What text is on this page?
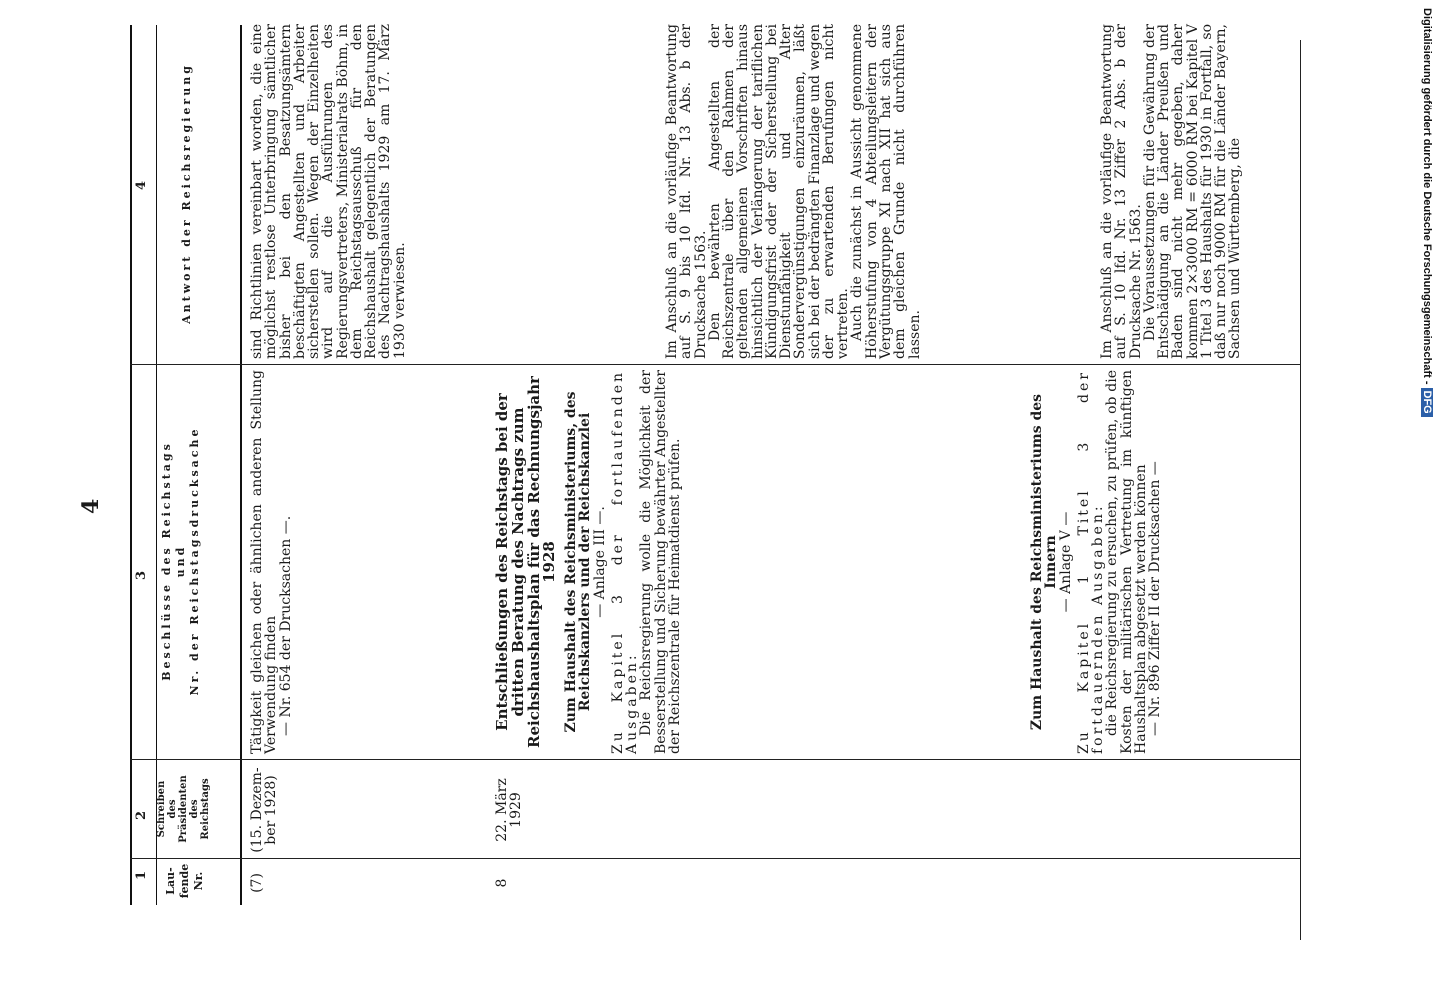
4
1
2
3
4
Lau-
fende
Nr.
Schreiben
des
Präsidenten
des
Reichstags
Beschlüsse des Reichstags und Nr. der Reichstagsdrucksache
Antwort der Reichsregierung
(7)
(15. Dezem-
ber 1928)

Tätigkeit gleichen oder ähnlichen anderen Stellung Verwendung finden

— Nr. 654 der Drucksachen —.

sind Richtlinien vereinbart worden, die eine möglichst restlose Unterbringung sämtlicher bisher bei den Besatzungsämtern beschäftigten Angestellten und Arbeiter sicherstellen sollen. Wegen der Einzelheiten wird auf die Ausführungen des Regierungsvertreters, Ministerialrats Böhm, in dem Reichstagsausschuß für den Reichshaushalt gelegentlich der Beratungen des Nachtragshaushalts 1929 am 17. März 1930 verwiesen.
8
22. März
1929

Entschließungen des Reichstags bei der dritten Beratung des Nachtrags zum Reichshaushaltsplan für das Rechnungsjahr 1928 Zum Haushalt des Reichsministeriums, des Reichskanzlers und der Reichskanzlei

— Anlage III —. Zu Kapitel 3 der fortlaufenden Ausgaben:

Die Reichsregierung wolle die Möglichkeit der Besserstellung und Sicherung bewährter Angestellter der Reichszentrale für Heimatdienst prüfen.

Im Anschluß an die vorläufige Beantwortung auf S. 9 bis 10 lfd. Nr. 13 Abs. b der Drucksache 1563.

Den bewährten Angestellten der Reichszentrale über den Rahmen der geltenden allgemeinen Vorschriften hinaus hinsichtlich der Verlängerung der tariflichen Kündigungsfrist oder der Sicherstellung bei Dienstunfähigkeit und Alter Sondervergünstigungen einzuräumen, läßt sich bei der bedrängten Finanzlage und wegen der zu erwartenden Berufungen nicht vertreten.

Auch die zunächst in Aussicht genommene Höherstufung von 4 Abteilungsleitern der Vergütungsgruppe XI nach XII hat sich aus dem gleichen Grunde nicht durchführen lassen.

Zum Haushalt des Reichsministeriums des Innern

— Anlage V — Zu Kapitel 1 Titel 3 der fortdauernden Ausgaben:

die Reichsregierung zu ersuchen, zu prüfen, ob die Kosten der militärischen Vertretung im künftigen Haushaltsplan abgesetzt werden können

— Nr. 896 Ziffer II der Drucksachen —

Im Anschluß an die vorläufige Beantwortung auf S. 10 lfd. Nr. 13 Ziffer 2 Abs. b der Drucksache Nr. 1563.

Die Voraussetzungen für die Gewährung der Entschädigung an die Länder Preußen und Baden sind nicht mehr gegeben, daher kommen 2×3000 RM = 6000 RM bei Kapitel V 1 Titel 3 des Haushalts für 1930 in Fortfall, so daß nur noch 9000 RM für die Länder Bayern, Sachsen und Württemberg, die	Digitalisierung gefördert durch die Deutsche Forschungsgemeinschaft -DFG
